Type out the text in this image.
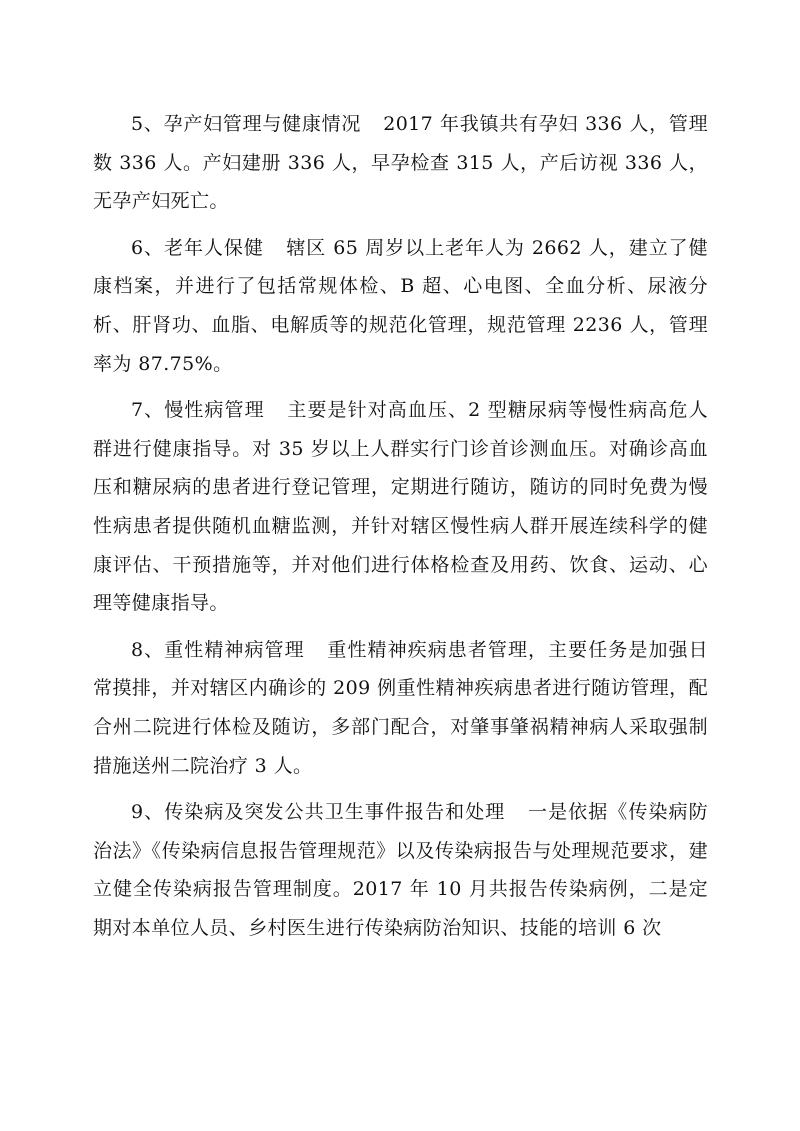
5、孕产妇管理与健康情况 2017 年我镇共有孕妇 336 人，管理数 336 人。产妇建册 336 人，早孕检查 315 人，产后访视 336 人，无孕产妇死亡。

6、老年人保健 辖区 65 周岁以上老年人为 2662 人，建立了健康档案，并进行了包括常规体检、B 超、心电图、全血分析、尿液分析、肝肾功、血脂、电解质等的规范化管理，规范管理 2236 人，管理率为 87.75%。

7、慢性病管理 主要是针对高血压、2 型糖尿病等慢性病高危人群进行健康指导。对 35 岁以上人群实行门诊首诊测血压。对确诊高血压和糖尿病的患者进行登记管理，定期进行随访，随访的同时免费为慢性病患者提供随机血糖监测，并针对辖区慢性病人群开展连续科学的健康评估、干预措施等，并对他们进行体格检查及用药、饮食、运动、心理等健康指导。

8、重性精神病管理 重性精神疾病患者管理，主要任务是加强日常摸排，并对辖区内确诊的 209 例重性精神疾病患者进行随访管理，配合州二院进行体检及随访，多部门配合，对肇事肇祸精神病人采取强制措施送州二院治疗 3 人。

9、传染病及突发公共卫生事件报告和处理 一是依据《传染病防治法》《传染病信息报告管理规范》以及传染病报告与处理规范要求，建立健全传染病报告管理制度。2017 年 10 月共报告传染病例，二是定期对本单位人员、乡村医生进行传染病防治知识、技能的培训 6 次
